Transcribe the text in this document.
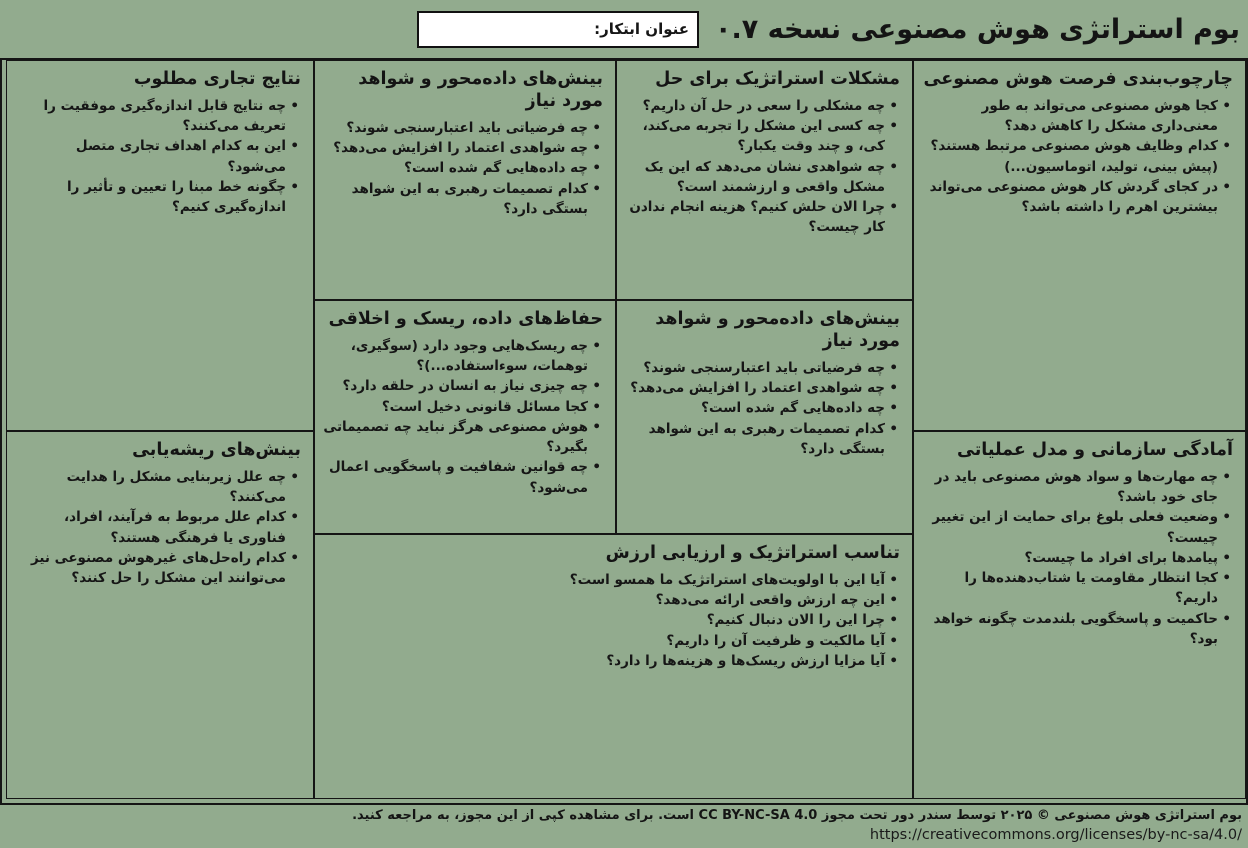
بوم استراتژی هوش مصنوعی نسخه ۰.۷
عنوان ابتکار:
چارچوب‌بندی فرصت هوش مصنوعی
• کجا هوش مصنوعی می‌تواند به طور معنی‌داری مشکل را کاهش دهد؟
• کدام وظایف هوش مصنوعی مرتبط هستند؟ (پیش بینی، تولید، اتوماسیون...)
• در کجای گردش کار هوش مصنوعی می‌تواند بیشترین اهرم را داشته باشد؟
مشکلات استراتژیک برای حل
• چه مشکلی را سعی در حل آن داریم؟
• چه کسی این مشکل را تجربه می‌کند، کی، و چند وقت یکبار؟
• چه شواهدی نشان می‌دهد که این یک مشکل واقعی و ارزشمند است؟
• چرا الان حلش کنیم؟ هزینه انجام ندادن کار چیست؟
بینش‌های داده‌محور و شواهد مورد نیاز
• چه فرضیاتی باید اعتبارسنجی شوند؟
• چه شواهدی اعتماد را افزایش می‌دهد؟
• چه داده‌هایی گم شده است؟
• کدام تصمیمات رهبری به این شواهد بستگی دارد؟
نتایج تجاری مطلوب
• چه نتایج قابل اندازه‌گیری موفقیت را تعریف می‌کنند؟
• این به کدام اهداف تجاری متصل می‌شود؟
• چگونه خط مبنا را تعیین و تأثیر را اندازه‌گیری کنیم؟
بینش‌های داده‌محور و شواهد مورد نیاز
• چه فرضیاتی باید اعتبارسنجی شوند؟
• چه شواهدی اعتماد را افزایش می‌دهد؟
• چه داده‌هایی گم شده است؟
• کدام تصمیمات رهبری به این شواهد بستگی دارد؟
حفاظ‌های داده، ریسک و اخلاقی
• چه ریسک‌هایی وجود دارد (سوگیری، توهمات، سوءاستفاده...)؟
• چه چیزی نیاز به انسان در حلقه دارد؟
• کجا مسائل قانونی دخیل است؟
• هوش مصنوعی هرگز نباید چه تصمیماتی بگیرد؟
• چه قوانین شفافیت و پاسخگویی اعمال می‌شود؟
آمادگی سازمانی و مدل عملیاتی
• چه مهارت‌ها و سواد هوش مصنوعی باید در جای خود باشد؟
• وضعیت فعلی بلوغ برای حمایت از این تغییر چیست؟
• پیامدها برای افراد ما چیست؟
• کجا انتظار مقاومت یا شتاب‌دهنده‌ها را داریم؟
• حاکمیت و پاسخگویی بلندمدت چگونه خواهد بود؟
بینش‌های ریشه‌یابی
• چه علل زیربنایی مشکل را هدایت می‌کنند؟
• کدام علل مربوط به فرآیند، افراد، فناوری یا فرهنگی هستند؟
• کدام راه‌حل‌های غیرهوش مصنوعی نیز می‌توانند این مشکل را حل کنند؟
تناسب استراتژیک و ارزیابی ارزش
• آیا این با اولویت‌های استراتژیک ما همسو است؟
• این چه ارزش واقعی ارائه می‌دهد؟
• چرا این را الان دنبال کنیم؟
• آیا مالکیت و ظرفیت آن را داریم؟
• آیا مزایا ارزش ریسک‌ها و هزینه‌ها را دارد؟
بوم استراتژی هوش مصنوعی © ۲۰۲۵ توسط سندر دور تحت مجوز CC BY-NC-SA 4.0 است. برای مشاهده کپی از این مجوز، به مراجعه کنید.
https://creativecommons.org/licenses/by-nc-sa/4.0/
